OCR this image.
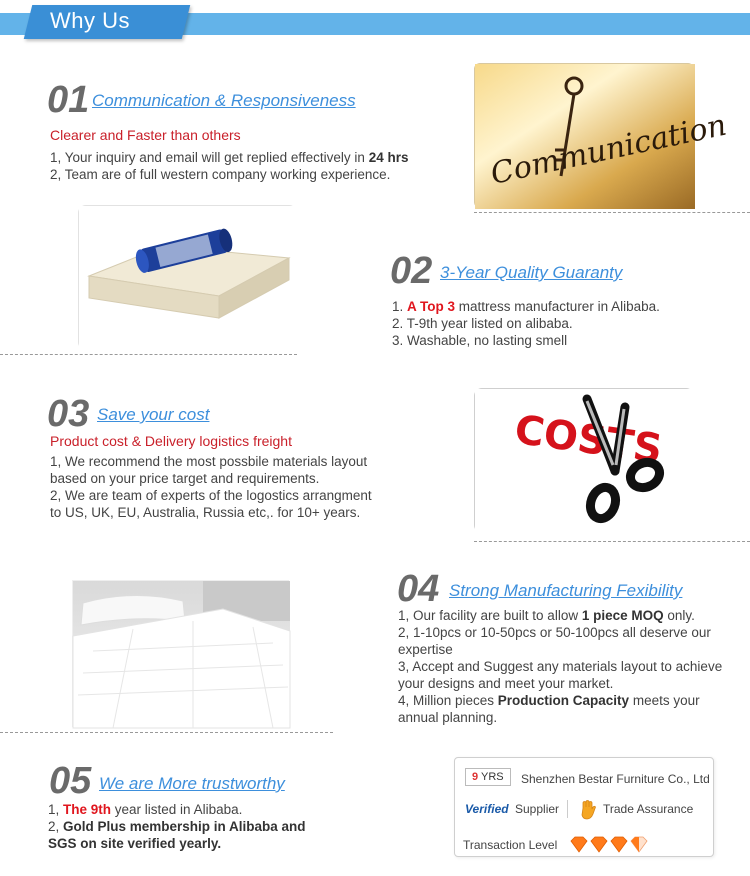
Why Us
01 Communication & Responsiveness
Clearer and Faster than others
1, Your inquiry and email will get replied effectively in 24 hrs
2, Team are of full western company working experience.	Communication
02 3-Year Quality Guaranty
1. A Top 3 mattress manufacturer in Alibaba.
2. T-9th year listed on alibaba.
3. Washable, no lasting smell
03 Save your cost
Product cost & Delivery logistics freight
1, We recommend the most possbile materials layout
based on your price target and requirements.
2, We are team of experts of the logostics arrangment
to US, UK, EU, Australia, Russia etc,. for 10+ years.
COSTS
04 Strong Manufacturing Fexibility
1, Our facility are built to allow 1 piece MOQ only.
2, 1-10pcs or 10-50pcs or 50-100pcs all deserve our
expertise
3, Accept and Suggest any materials layout to achieve
your designs and meet your market.
4, Million pieces Production Capacity meets your
annual planning.
05 We are More trustworthy
1, The 9th year listed in Alibaba.
2, Gold Plus membership in Alibaba and
SGS on site verified yearly.
9 YRS	Shenzhen Bestar Furniture Co., Ltd
Verified Supplier	Trade Assurance
Transaction Level
